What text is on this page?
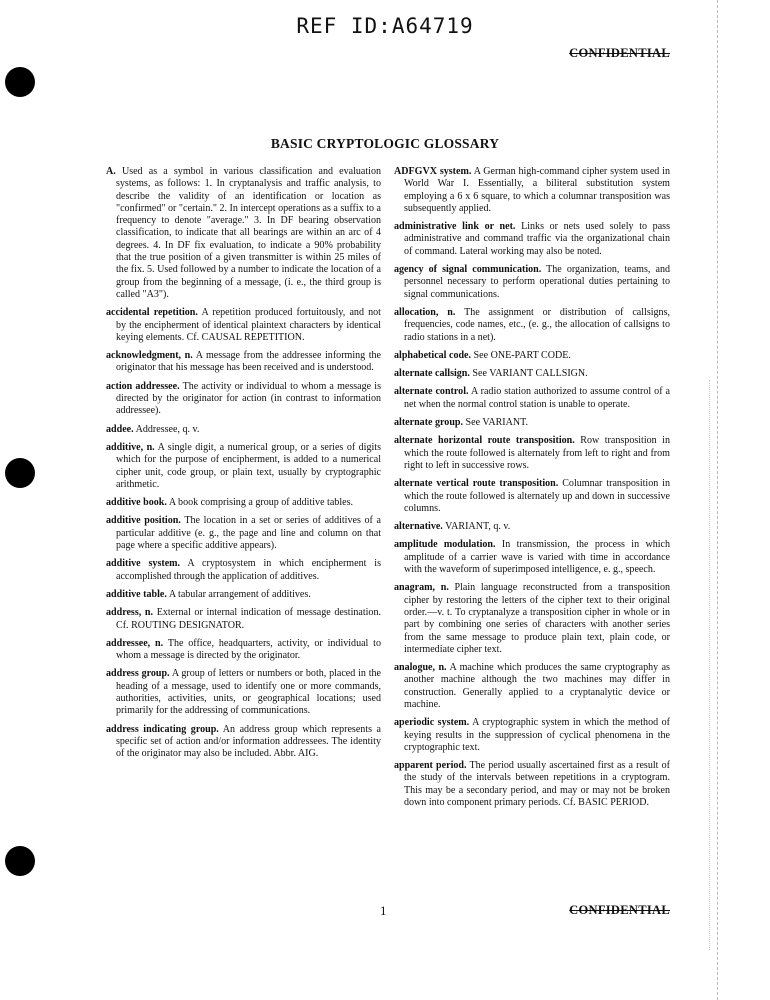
REF ID:A64719
CONFIDENTIAL
BASIC CRYPTOLOGIC GLOSSARY

A. Used as a symbol in various classification and evaluation systems, as follows: 1. In cryptanalysis and traffic analysis, to describe the validity of an identification or location as "confirmed" or "certain." 2. In intercept operations as a suffix to a frequency to denote "average." 3. In DF bearing observation classification, to indicate that all bearings are within an arc of 4 degrees. 4. In DF fix evaluation, to indicate a 90% probability that the true position of a given transmitter is within 25 miles of the fix. 5. Used followed by a number to indicate the location of a group from the beginning of a message, (i. e., the third group is called "A3").

accidental repetition. A repetition produced fortuitously, and not by the encipherment of identical plaintext characters by identical keying elements. Cf. CAUSAL REPETITION.

acknowledgment, n. A message from the addressee informing the originator that his message has been received and is understood.

action addressee. The activity or individual to whom a message is directed by the originator for action (in contrast to information addressee).

addee. Addressee, q. v.

additive, n. A single digit, a numerical group, or a series of digits which for the purpose of encipherment, is added to a numerical cipher unit, code group, or plain text, usually by cryptographic arithmetic.

additive book. A book comprising a group of additive tables.

additive position. The location in a set or series of additives of a particular additive (e. g., the page and line and column on that page where a specific additive appears).

additive system. A cryptosystem in which encipherment is accomplished through the application of additives.

additive table. A tabular arrangement of additives.

address, n. External or internal indication of message destination. Cf. ROUTING DESIGNATOR.

addressee, n. The office, headquarters, activity, or individual to whom a message is directed by the originator.

address group. A group of letters or numbers or both, placed in the heading of a message, used to identify one or more commands, authorities, activities, units, or geographical locations; used primarily for the addressing of communications.

address indicating group. An address group which represents a specific set of action and/or information addressees. The identity of the originator may also be included. Abbr. AIG.

ADFGVX system. A German high-command cipher system used in World War I. Essentially, a biliteral substitution system employing a 6 x 6 square, to which a columnar transposition was subsequently applied.

administrative link or net. Links or nets used solely to pass administrative and command traffic via the organizational chain of command. Lateral working may also be noted.

agency of signal communication. The organization, teams, and personnel necessary to perform operational duties pertaining to signal communications.

allocation, n. The assignment or distribution of callsigns, frequencies, code names, etc., (e. g., the allocation of callsigns to radio stations in a net).

alphabetical code. See ONE-PART CODE.

alternate callsign. See VARIANT CALLSIGN.

alternate control. A radio station authorized to assume control of a net when the normal control station is unable to operate.

alternate group. See VARIANT.

alternate horizontal route transposition. Row transposition in which the route followed is alternately from left to right and from right to left in successive rows.

alternate vertical route transposition. Columnar transposition in which the route followed is alternately up and down in successive columns.

alternative. VARIANT, q. v.

amplitude modulation. In transmission, the process in which amplitude of a carrier wave is varied with time in accordance with the waveform of superimposed intelligence, e. g., speech.

anagram, n. Plain language reconstructed from a transposition cipher by restoring the letters of the cipher text to their original order.—v. t. To cryptanalyze a transposition cipher in whole or in part by combining one series of characters with another series from the same message to produce plain text, plain code, or intermediate cipher text.

analogue, n. A machine which produces the same cryptography as another machine although the two machines may differ in construction. Generally applied to a cryptanalytic device or machine.

aperiodic system. A cryptographic system in which the method of keying results in the suppression of cyclical phenomena in the cryptographic text.

apparent period. The period usually ascertained first as a result of the study of the intervals between repetitions in a cryptogram. This may be a secondary period, and may or may not be broken down into component primary periods. Cf. BASIC PERIOD.

1	CONFIDENTIAL
